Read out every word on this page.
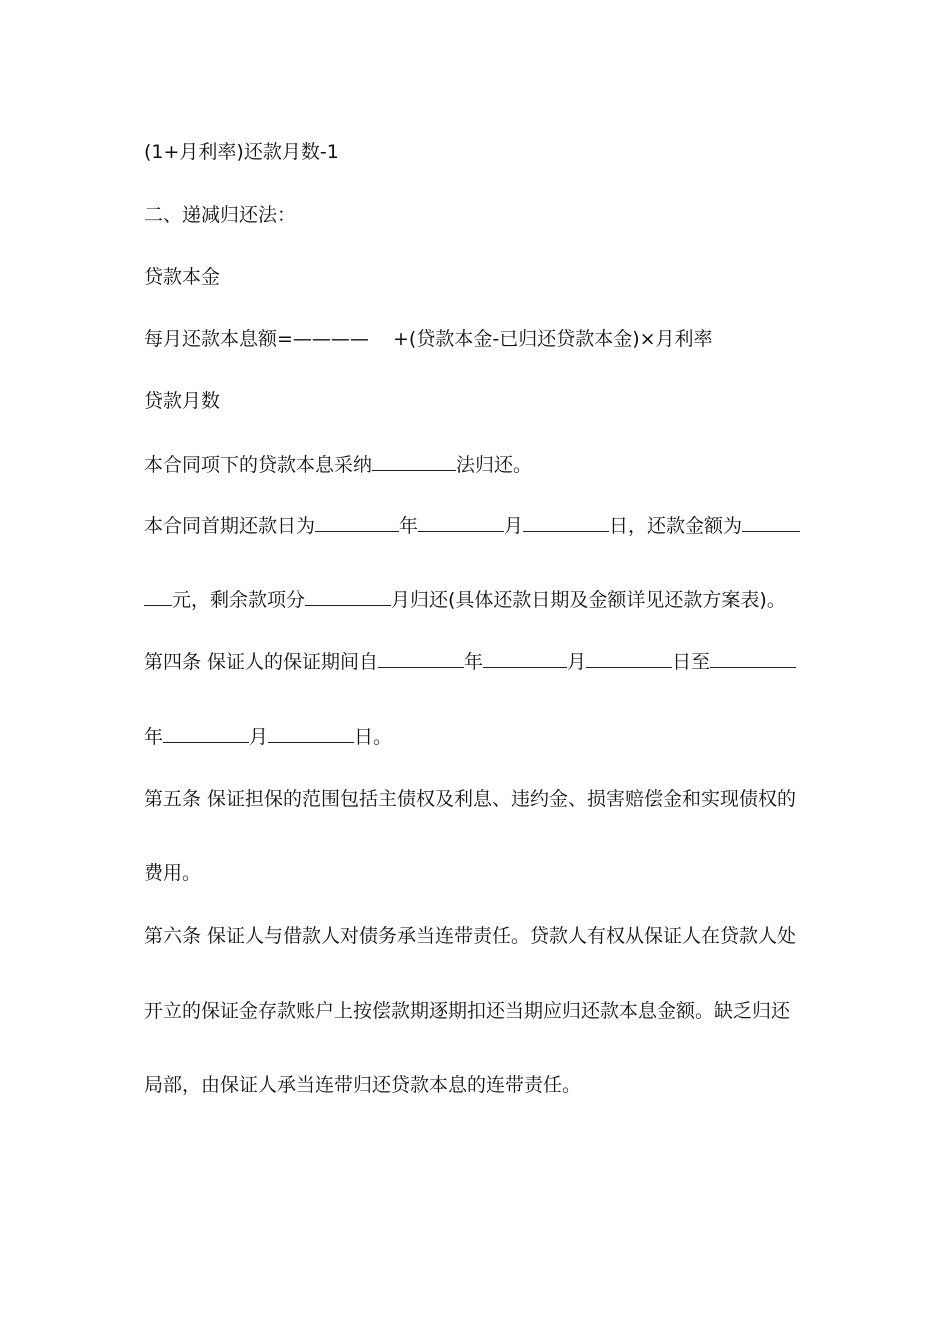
(1+月利率)还款月数-1
二、递减归还法：
贷款本金
每月还款本息额=———— +(贷款本金-已归还贷款本金)×月利率
贷款月数
本合同项下的贷款本息采纳	法归还。
本合同首期还款日为	年	月	日，还款金额为
元，剩余款项分	月归还(具体还款日期及金额详见还款方案表)。
第四条 保证人的保证期间自	年	月	日至
年	月	日。
第五条 保证担保的范围包括主债权及利息、违约金、损害赔偿金和实现债权的
费用。
第六条 保证人与借款人对债务承当连带责任。贷款人有权从保证人在贷款人处
开立的保证金存款账户上按偿款期逐期扣还当期应归还款本息金额。缺乏归还
局部，由保证人承当连带归还贷款本息的连带责任。
